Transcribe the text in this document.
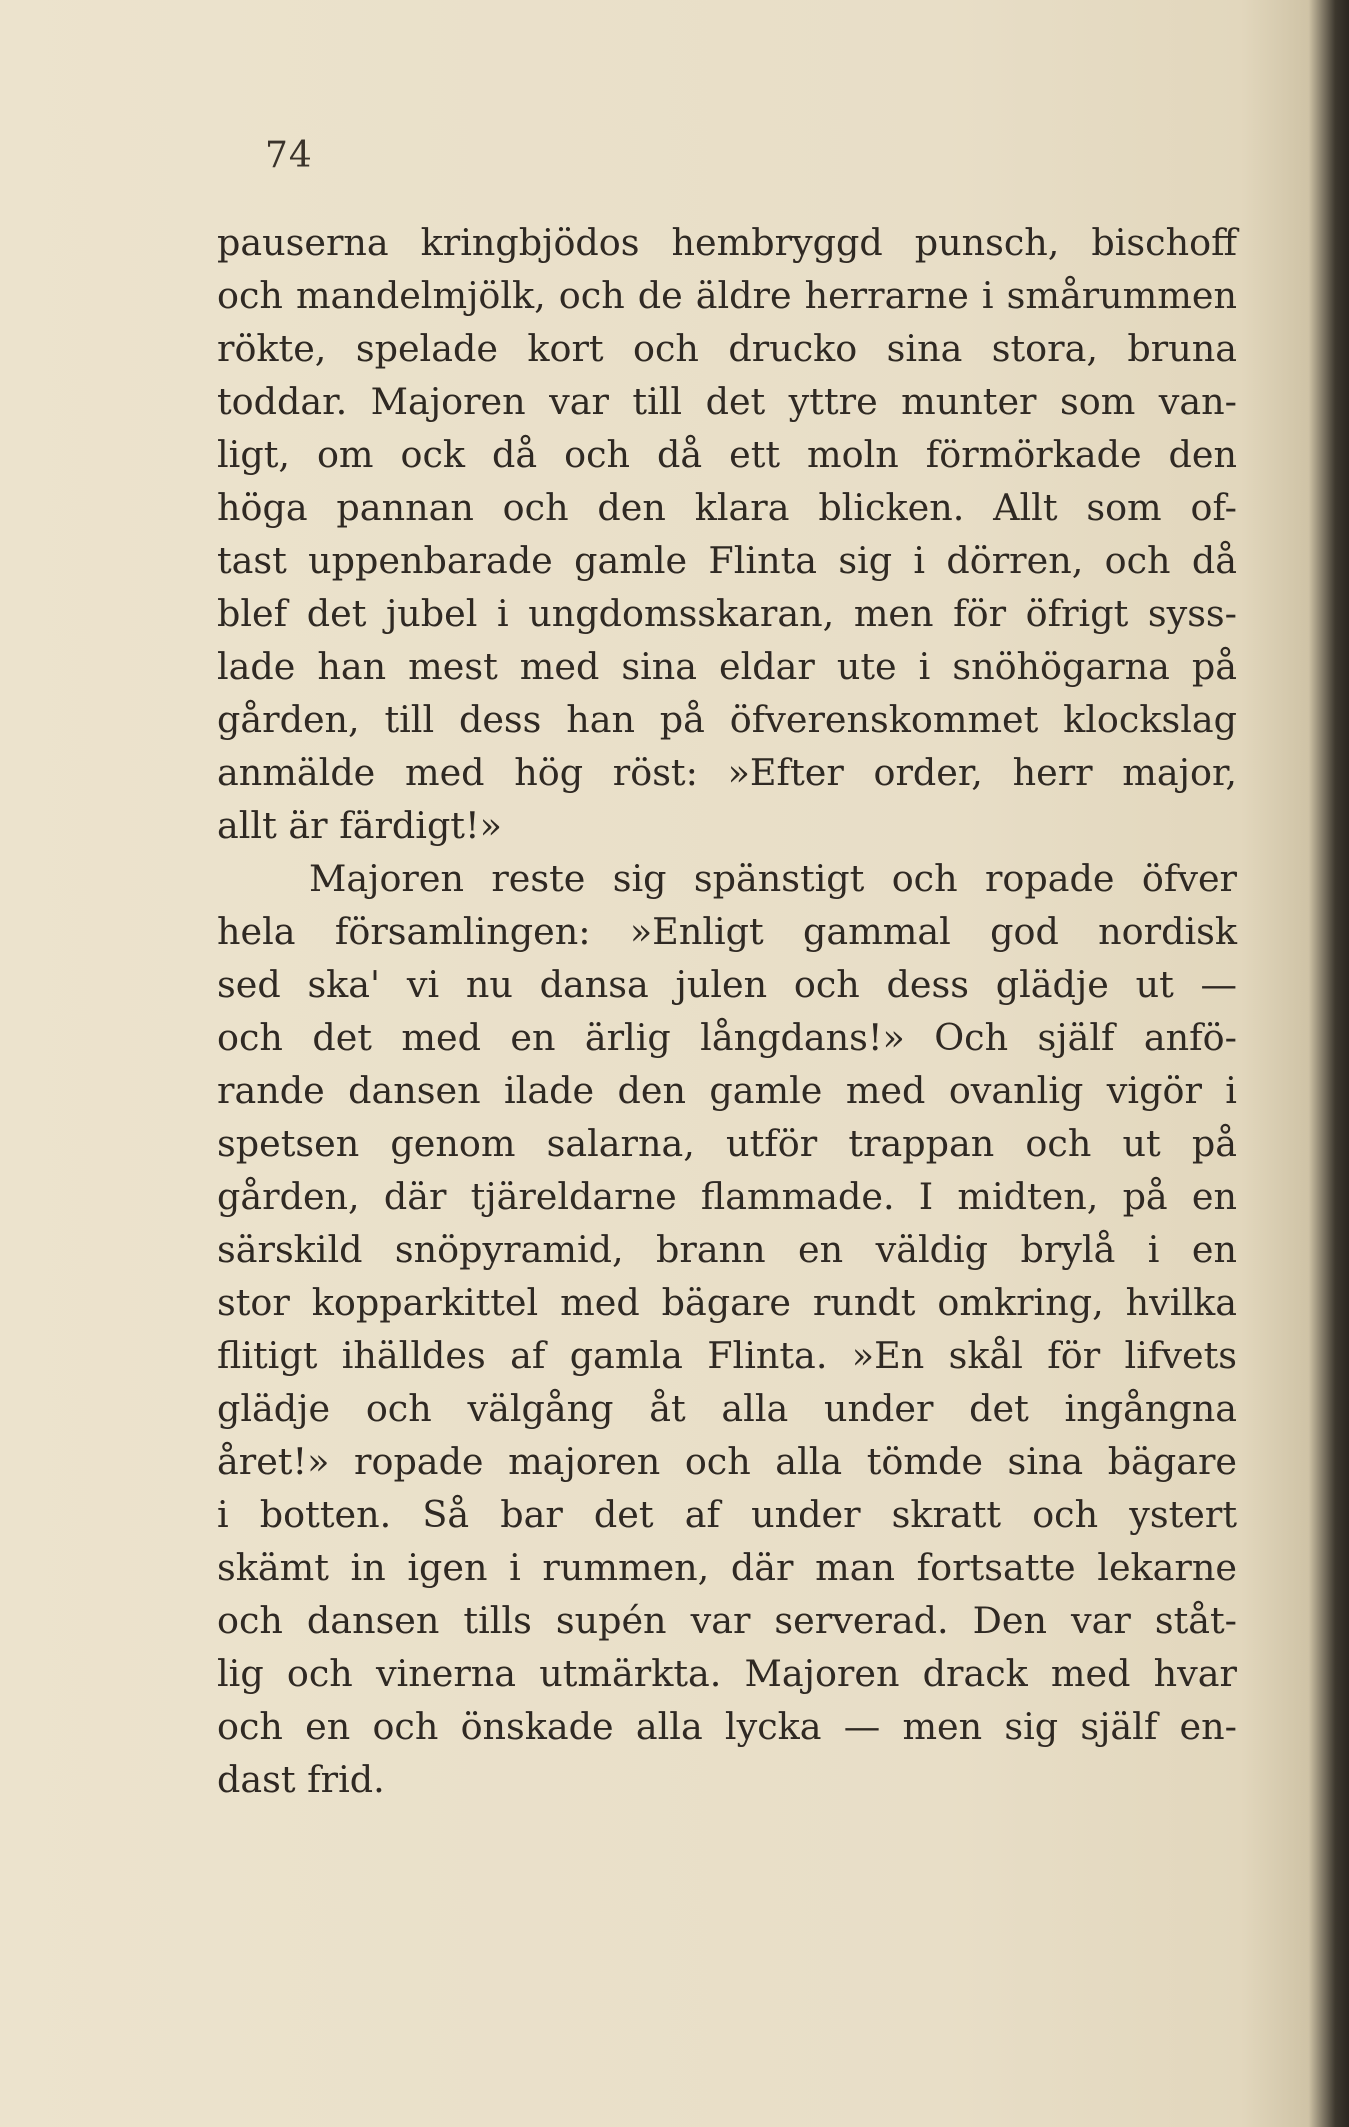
74
pauserna kringbjödos hembryggd punsch, bischoff
och mandelmjölk, och de äldre herrarne i smårummen
rökte, spelade kort och drucko sina stora, bruna
toddar. Majoren var till det yttre munter som van-
ligt, om ock då och då ett moln förmörkade den
höga pannan och den klara blicken. Allt som of-
tast uppenbarade gamle Flinta sig i dörren, och då
blef det jubel i ungdomsskaran, men för öfrigt syss-
lade han mest med sina eldar ute i snöhögarna på
gården, till dess han på öfverenskommet klockslag
anmälde med hög röst: »Efter order, herr major,
allt är färdigt!»
Majoren reste sig spänstigt och ropade öfver
hela församlingen: »Enligt gammal god nordisk
sed ska' vi nu dansa julen och dess glädje ut —
och det med en ärlig långdans!» Och själf anfö-
rande dansen ilade den gamle med ovanlig vigör i
spetsen genom salarna, utför trappan och ut på
gården, där tjäreldarne flammade. I midten, på en
särskild snöpyramid, brann en väldig brylå i en
stor kopparkittel med bägare rundt omkring, hvilka
flitigt ihälldes af gamla Flinta. »En skål för lifvets
glädje och välgång åt alla under det ingångna
året!» ropade majoren och alla tömde sina bägare
i botten. Så bar det af under skratt och ystert
skämt in igen i rummen, där man fortsatte lekarne
och dansen tills supén var serverad. Den var ståt-
lig och vinerna utmärkta. Majoren drack med hvar
och en och önskade alla lycka — men sig själf en-
dast frid.
